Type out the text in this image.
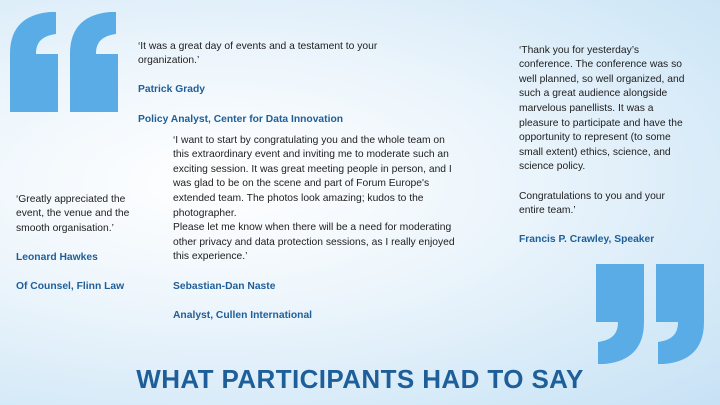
‘It was a great day of events and a testament to your
organization.’

Patrick Grady

Policy Analyst, Center for Data Innovation

‘Thank you for yesterday’s
conference. The conference was so
well planned, so well organized, and
such a great audience alongside
marvelous panellists. It was a
pleasure to participate and have the
opportunity to represent (to some
small extent) ethics, science, and
science policy.

Congratulations to you and your
entire team.’

Francis P. Crawley, Speaker

‘I want to start by congratulating you and the whole team on
this extraordinary event and inviting me to moderate such an
exciting session. It was great meeting people in person, and I
was glad to be on the scene and part of Forum Europe's
extended team. The photos look amazing; kudos to the
photographer.
Please let me know when there will be a need for moderating
other privacy and data protection sessions, as I really enjoyed
this experience.’

Sebastian-Dan Naste

Analyst, Cullen International

‘Greatly appreciated the
event, the venue and the
smooth organisation.’

Leonard Hawkes

Of Counsel, Flinn Law

WHAT PARTICIPANTS HAD TO SAY
